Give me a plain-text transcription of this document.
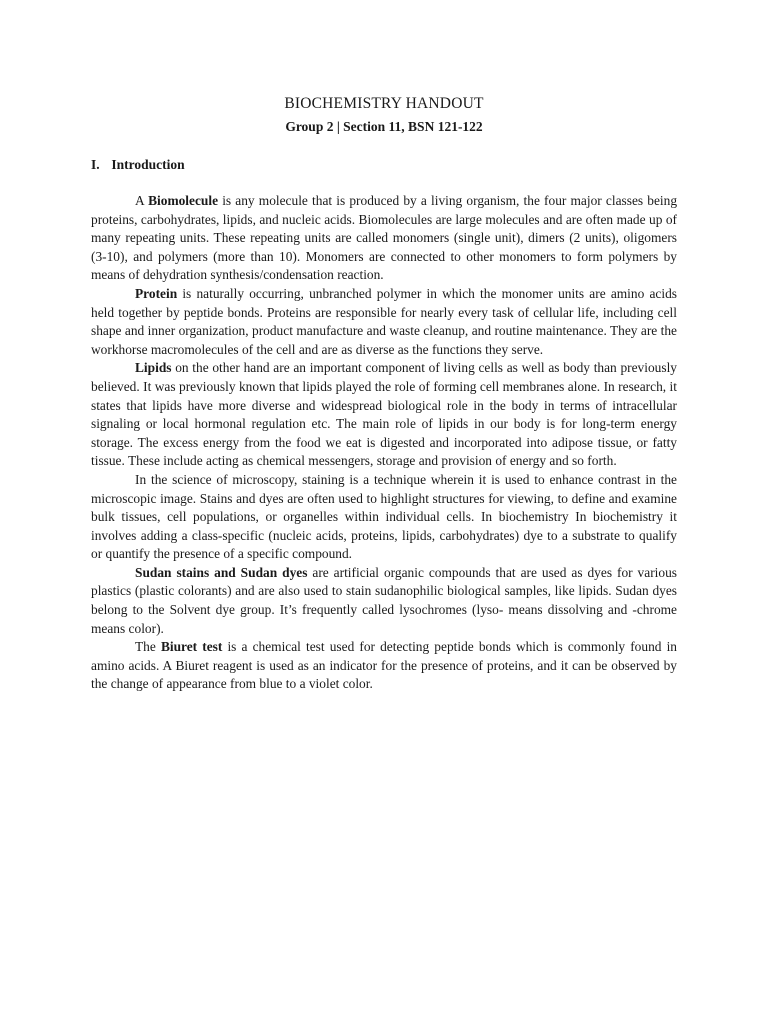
BIOCHEMISTRY HANDOUT
Group 2 | Section 11, BSN 121-122
I. Introduction

A Biomolecule is any molecule that is produced by a living organism, the four major classes being proteins, carbohydrates, lipids, and nucleic acids. Biomolecules are large molecules and are often made up of many repeating units. These repeating units are called monomers (single unit), dimers (2 units), oligomers (3-10), and polymers (more than 10). Monomers are connected to other monomers to form polymers by means of dehydration synthesis/condensation reaction.

Protein is naturally occurring, unbranched polymer in which the monomer units are amino acids held together by peptide bonds. Proteins are responsible for nearly every task of cellular life, including cell shape and inner organization, product manufacture and waste cleanup, and routine maintenance. They are the workhorse macromolecules of the cell and are as diverse as the functions they serve.

Lipids on the other hand are an important component of living cells as well as body than previously believed. It was previously known that lipids played the role of forming cell membranes alone. In research, it states that lipids have more diverse and widespread biological role in the body in terms of intracellular signaling or local hormonal regulation etc. The main role of lipids in our body is for long-term energy storage. The excess energy from the food we eat is digested and incorporated into adipose tissue, or fatty tissue. These include acting as chemical messengers, storage and provision of energy and so forth.

In the science of microscopy, staining is a technique wherein it is used to enhance contrast in the microscopic image. Stains and dyes are often used to highlight structures for viewing, to define and examine bulk tissues, cell populations, or organelles within individual cells. In biochemistry In biochemistry it involves adding a class-specific (nucleic acids, proteins, lipids, carbohydrates) dye to a substrate to qualify or quantify the presence of a specific compound.

Sudan stains and Sudan dyes are artificial organic compounds that are used as dyes for various plastics (plastic colorants) and are also used to stain sudanophilic biological samples, like lipids. Sudan dyes belong to the Solvent dye group. It’s frequently called lysochromes (lyso- means dissolving and -chrome means color).

The Biuret test is a chemical test used for detecting peptide bonds which is commonly found in amino acids. A Biuret reagent is used as an indicator for the presence of proteins, and it can be observed by the change of appearance from blue to a violet color.
